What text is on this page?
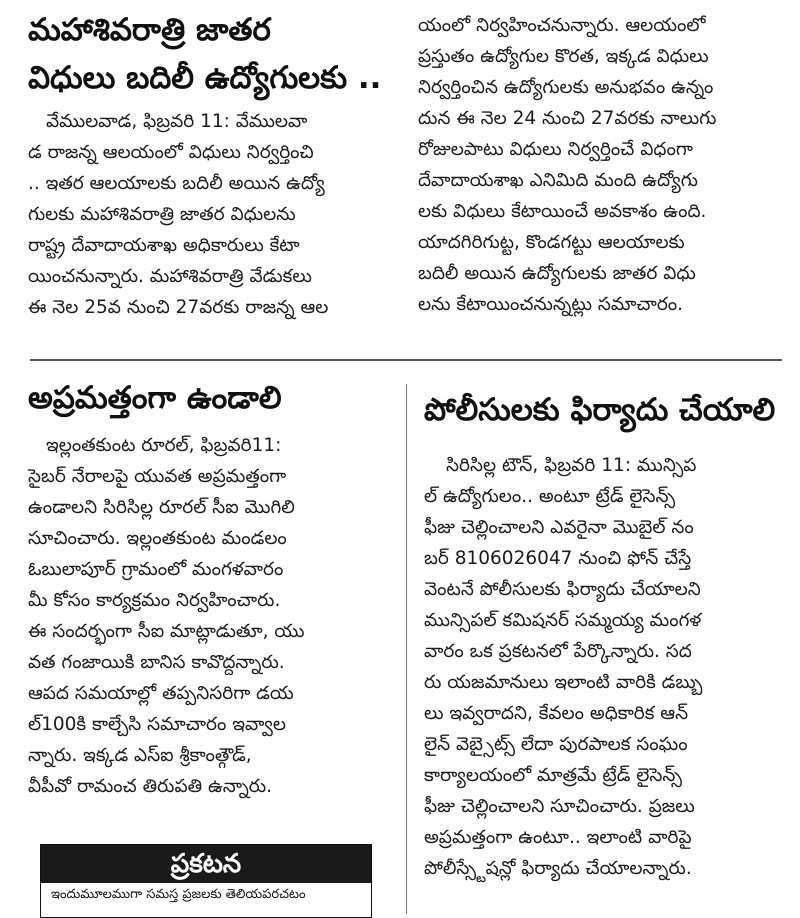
మహాశివరాత్రి జాతర
విధులు బదిలీ ఉద్యోగులకు ..
వేములవాడ, ఫిబ్రవరి 11: వేములవా
డ రాజన్న ఆలయంలో విధులు నిర్వర్తించి
.. ఇతర ఆలయాలకు బదిలీ అయిన ఉద్యో
గులకు మహాశివరాత్రి జాతర విధులను
రాష్ట్ర దేవాదాయశాఖ అధికారులు కేటా
యించనున్నారు. మహాశివరాత్రి వేడుకలు
ఈ నెల 25వ నుంచి 27వరకు రాజన్న ఆల
యంలో నిర్వహించనున్నారు. ఆలయంలో
ప్రస్తుతం ఉద్యోగుల కొరత, ఇక్కడ విధులు
నిర్వర్తించిన ఉద్యోగులకు అనుభవం ఉన్నం
దున ఈ నెల 24 నుంచి 27వరకు నాలుగు
రోజులపాటు విధులు నిర్వర్తించే విధంగా
దేవాదాయశాఖ ఎనిమిది మంది ఉద్యోగు
లకు విధులు కేటాయించే అవకాశం ఉంది.
యాదగిరిగుట్ట, కొండగట్టు ఆలయాలకు
బదిలీ అయిన ఉద్యోగులకు జాతర విధు
లను కేటాయించనున్నట్లు సమాచారం.
అప్రమత్తంగా ఉండాలి
ఇల్లంతకుంట రూరల్, ఫిబ్రవరి11:
సైబర్ నేరాలపై యువత అప్రమత్తంగా
ఉండాలని సిరిసిల్ల రూరల్ సీఐ మొగిలి
సూచించారు. ఇల్లంతకుంట మండలం
ఓబులాపూర్ గ్రామంలో మంగళవారం
మీ కోసం కార్యక్రమం నిర్వహించారు.
ఈ సందర్భంగా సీఐ మాట్లాడుతూ, యు
వత గంజాయికి బానిస కావొద్దన్నారు.
ఆపద సమయాల్లో తప్పనిసరిగా డయ
ల్100కి కాల్చేసి సమాచారం ఇవ్వాల
న్నారు. ఇక్కడ ఎస్ఐ శ్రీకాంత్గౌడ్,
వీపీవో రామంచ తిరుపతి ఉన్నారు.
పోలీసులకు ఫిర్యాదు చేయాలి
సిరిసిల్ల టౌన్, ఫిబ్రవరి 11: మున్సిప
ల్ ఉద్యోగులం.. అంటూ ట్రేడ్ లైసెన్స్
ఫీజు చెల్లించాలని ఎవరైనా మొబైల్ నం
బర్ 8106026047 నుంచి ఫోన్ చేస్తే
వెంటనే పోలీసులకు ఫిర్యాదు చేయాలని
మున్సిపల్ కమిషనర్ సమ్మయ్య మంగళ
వారం ఒక ప్రకటనలో పేర్కొన్నారు. సద
రు యజమానులు ఇలాంటి వారికి డబ్బు
లు ఇవ్వరాదని, కేవలం అధికారిక ఆన్
లైన్ వెబ్సైట్స్ లేదా పురపాలక సంఘం
కార్యాలయంలో మాత్రమే ట్రేడ్ లైసెన్స్
ఫీజు చెల్లించాలని సూచించారు. ప్రజలు
అప్రమత్తంగా ఉంటూ.. ఇలాంటి వారిపై
పోలీస్స్టేషన్లో ఫిర్యాదు చేయాలన్నారు.
ప్రకటన
ఇందుమూలముగా సమస్త ప్రజలకు తెలియపరచటం
